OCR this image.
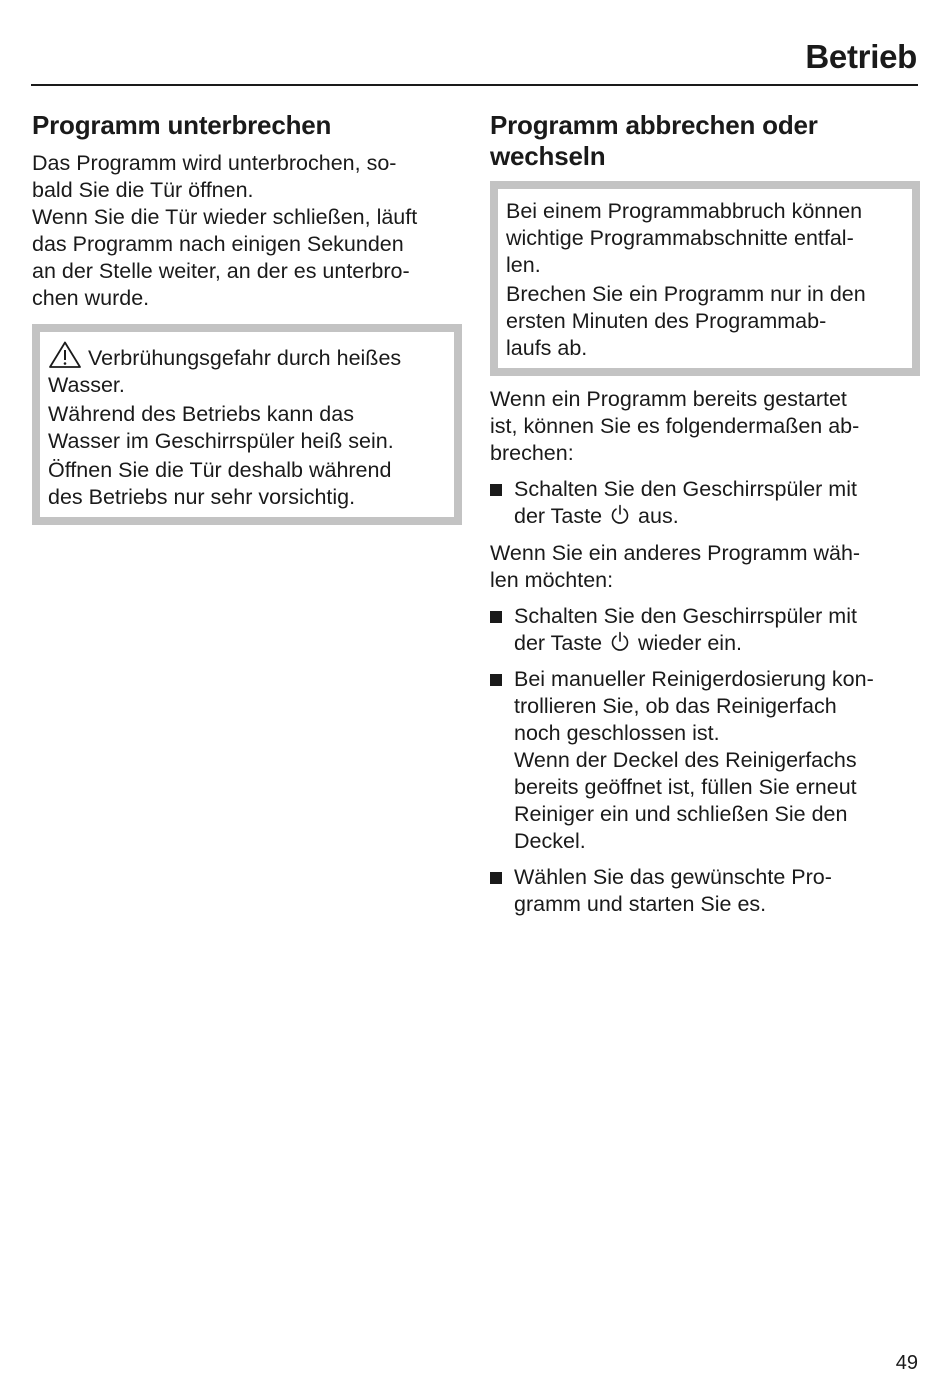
Betrieb
Programm unterbrechen

Das Programm wird unterbrochen, so-

bald Sie die Tür öffnen.

Wenn Sie die Tür wieder schließen, läuft

das Programm nach einigen Sekunden

an der Stelle weiter, an der es unterbro-

chen wurde.

Verbrühungsgefahr durch heißes

Wasser.

Während des Betriebs kann das

Wasser im Geschirrspüler heiß sein.

Öffnen Sie die Tür deshalb während

des Betriebs nur sehr vorsichtig.

Programm abbrechen oder
wechseln

Bei einem Programmabbruch können

wichtige Programmabschnitte entfal-

len.

Brechen Sie ein Programm nur in den

ersten Minuten des Programmab-

laufs ab.

Wenn ein Programm bereits gestartet

ist, können Sie es folgendermaßen ab-

brechen:

Schalten Sie den Geschirrspüler mit
der Taste aus.

Wenn Sie ein anderes Programm wäh-

len möchten:

Schalten Sie den Geschirrspüler mit
der Taste wieder ein.
Bei manueller Reinigerdosierung kon-
trollieren Sie, ob das Reinigerfach
noch geschlossen ist.
Wenn der Deckel des Reinigerfachs
bereits geöffnet ist, füllen Sie erneut
Reiniger ein und schließen Sie den
Deckel.
Wählen Sie das gewünschte Pro-
gramm und starten Sie es.
49
